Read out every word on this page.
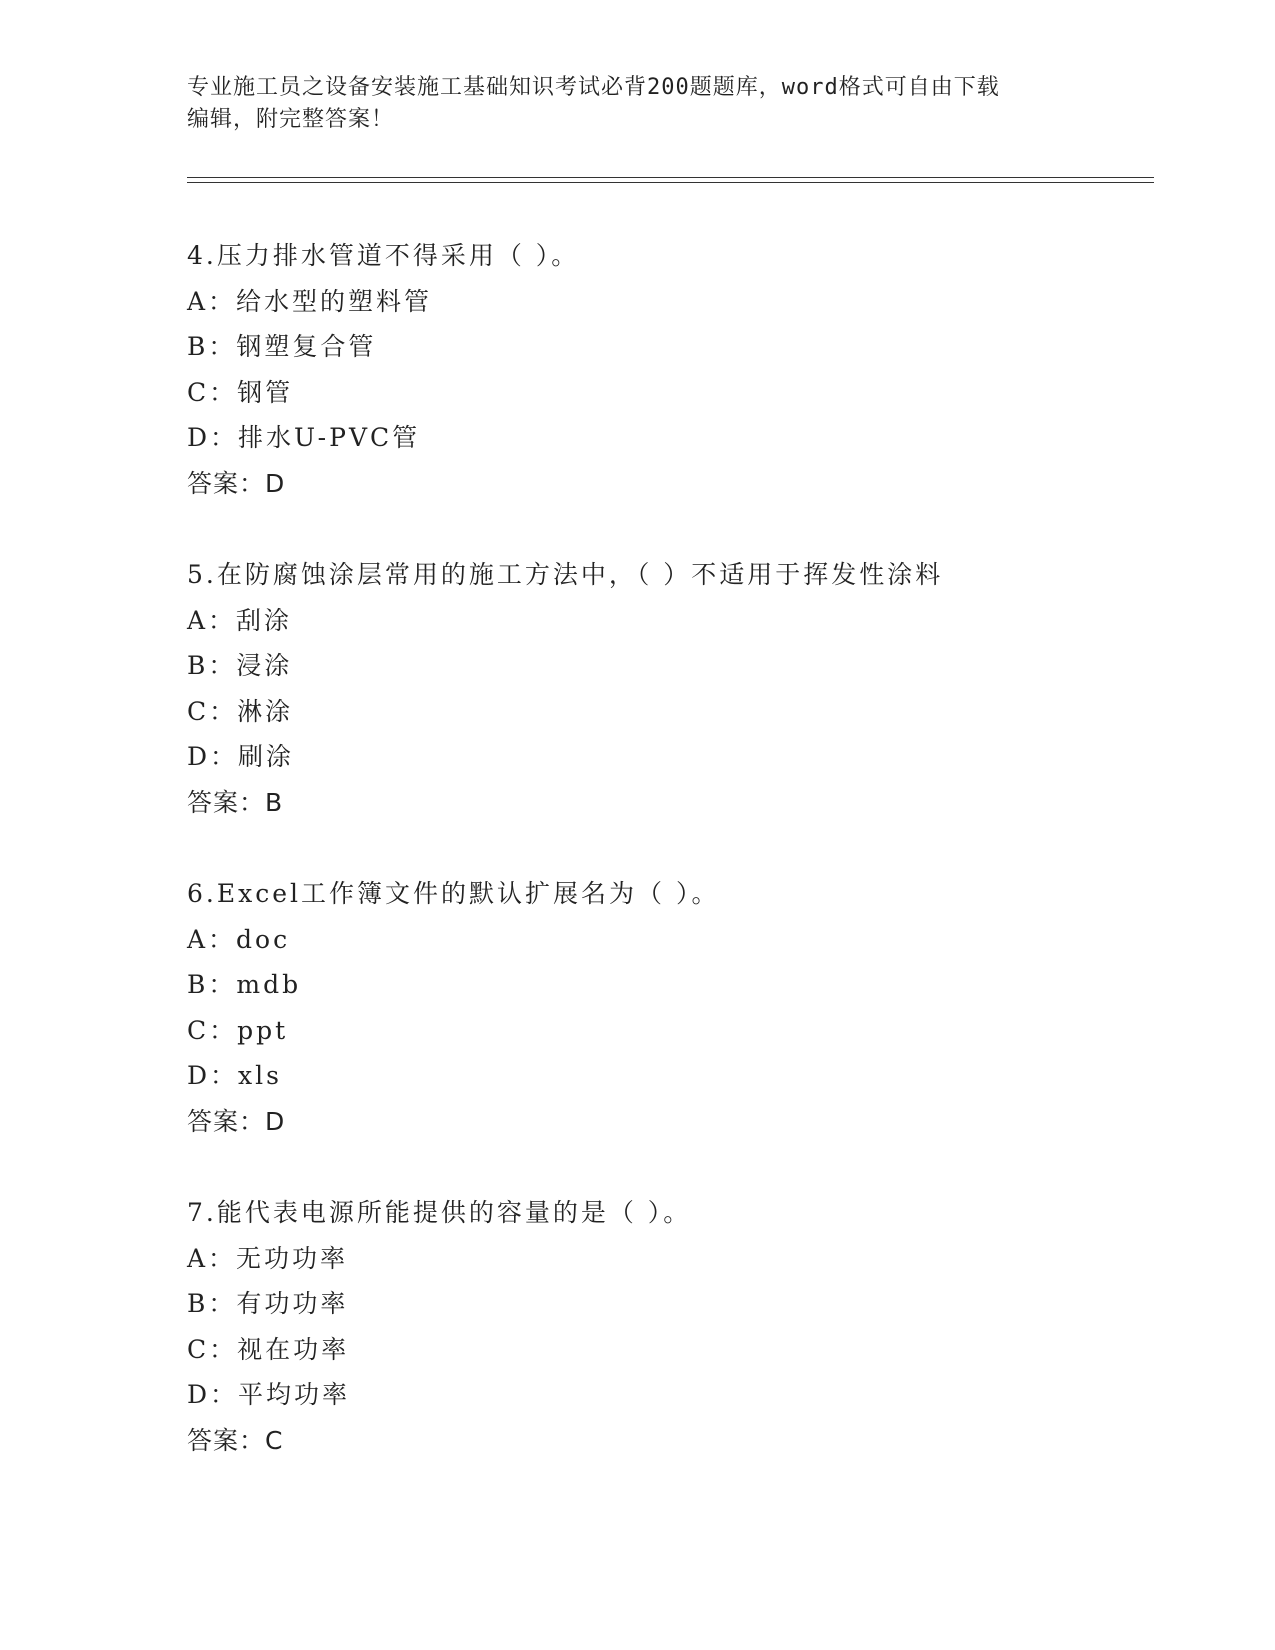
专业施工员之设备安装施工基础知识考试必背200题题库，word格式可自由下载
编辑，附完整答案！
4.压力排水管道不得采用（ ）。
A：给水型的塑料管
B：钢塑复合管
C：钢管
D：排水U-PVC管
答案：D
5.在防腐蚀涂层常用的施工方法中，（ ）不适用于挥发性涂料
A：刮涂
B：浸涂
C：淋涂
D：刷涂
答案：B
6.Excel工作簿文件的默认扩展名为（ ）。
A：doc
B：mdb
C：ppt
D：xls
答案：D
7.能代表电源所能提供的容量的是（ ）。
A：无功功率
B：有功功率
C：视在功率
D：平均功率
答案：C
